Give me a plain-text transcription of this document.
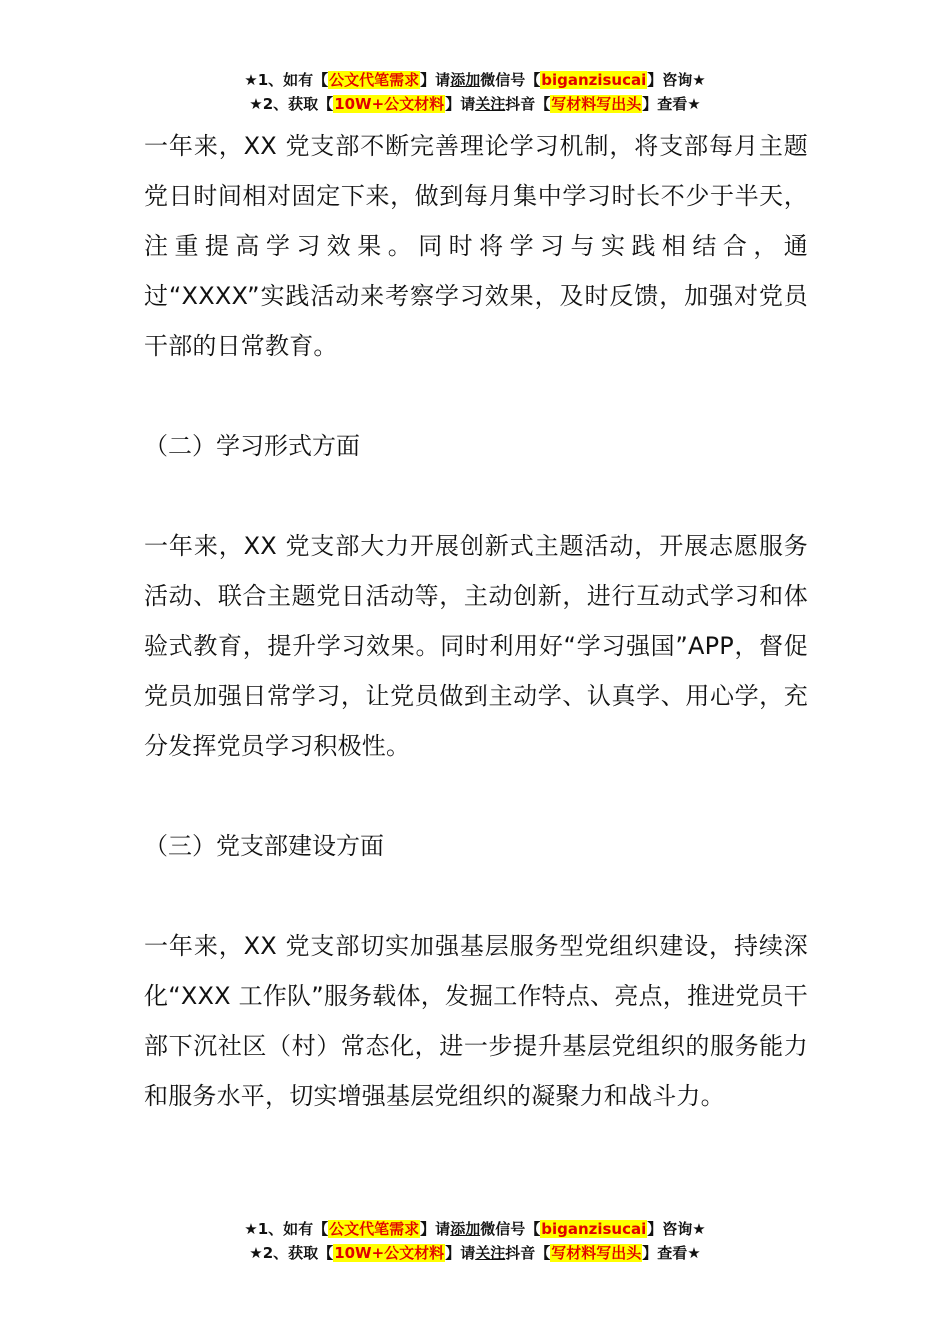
★1、如有【公文代笔需求】请添加微信号【biganzisucai】咨询★
★2、获取【10W+公文材料】请关注抖音【写材料写出头】查看★

一年来，XX 党支部不断完善理论学习机制，将支部每月主题党日时间相对固定下来，做到每月集中学习时长不少于半天，注重提高学习效果。同时将学习与实践相结合，通过“XXXX”实践活动来考察学习效果，及时反馈，加强对党员干部的日常教育。

（二）学习形式方面

一年来，XX 党支部大力开展创新式主题活动，开展志愿服务活动、联合主题党日活动等，主动创新，进行互动式学习和体验式教育，提升学习效果。同时利用好“学习强国”APP，督促党员加强日常学习，让党员做到主动学、认真学、用心学，充分发挥党员学习积极性。

（三）党支部建设方面

一年来，XX 党支部切实加强基层服务型党组织建设，持续深化“XXX 工作队”服务载体，发掘工作特点、亮点，推进党员干部下沉社区（村）常态化，进一步提升基层党组织的服务能力和服务水平，切实增强基层党组织的凝聚力和战斗力。

★1、如有【公文代笔需求】请添加微信号【biganzisucai】咨询★
★2、获取【10W+公文材料】请关注抖音【写材料写出头】查看★
